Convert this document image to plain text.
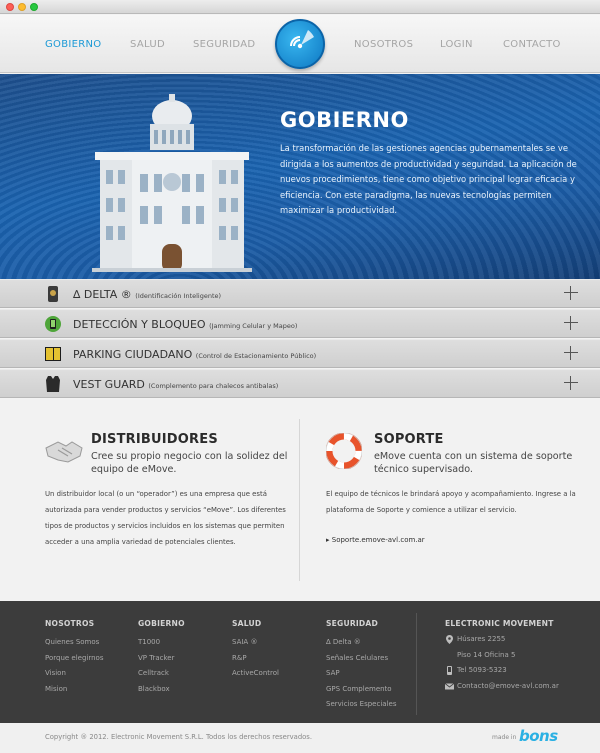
GOBIERNO	SALUD	SEGURIDAD	NOSOTROS	LOGIN	CONTACTO
GOBIERNO
La transformación de las gestiones agencias gubernamentales se ve dirigida a los aumentos de productividad y seguridad. La aplicación de nuevos procedimientos, tiene como objetivo principal lograr eficacia y eficiencia. Con este paradigma, las nuevas tecnologías permiten maximizar la productividad.
∆ DELTA ® (Identificación Inteligente)
DETECCIÓN Y BLOQUEO (Jamming Celular y Mapeo)
PARKING CIUDADANO (Control de Estacionamiento Público)
VEST GUARD (Complemento para chalecos antibalas)
DISTRIBUIDORES
Cree su propio negocio con la solidez del equipo de eMove.
Un distribuidor local (o un “operador”) es una empresa que está autorizada para vender productos y servicios “eMove”. Los diferentes tipos de productos y servicios incluidos en los sistemas que permiten acceder a una amplia variedad de potenciales clientes.
SOPORTE
eMove cuenta con un sistema de soporte técnico supervisado.
El equipo de técnicos le brindará apoyo y acompañamiento. Ingrese a la plataforma de Soporte y comience a utilizar el servicio.
▸ Soporte.emove-avl.com.ar
NOSOTROS
Quienes Somos
Porque elegirnos
Vision
Mision
GOBIERNO
T1000
VP Tracker
Celltrack
Blackbox
SALUD
SAIA ®
R&P
ActiveControl
SEGURIDAD
∆ Delta ®
Señales Celulares
SAP
GPS Complemento
Servicios Especiales
ELECTRONIC MOVEMENT
Húsares 2255
Piso 14 Oficina 5
Tel 5093-5323
Contacto@emove-avl.com.ar
Copyright ® 2012. Electronic Movement S.R.L. Todos los derechos reservados.	made in bons
